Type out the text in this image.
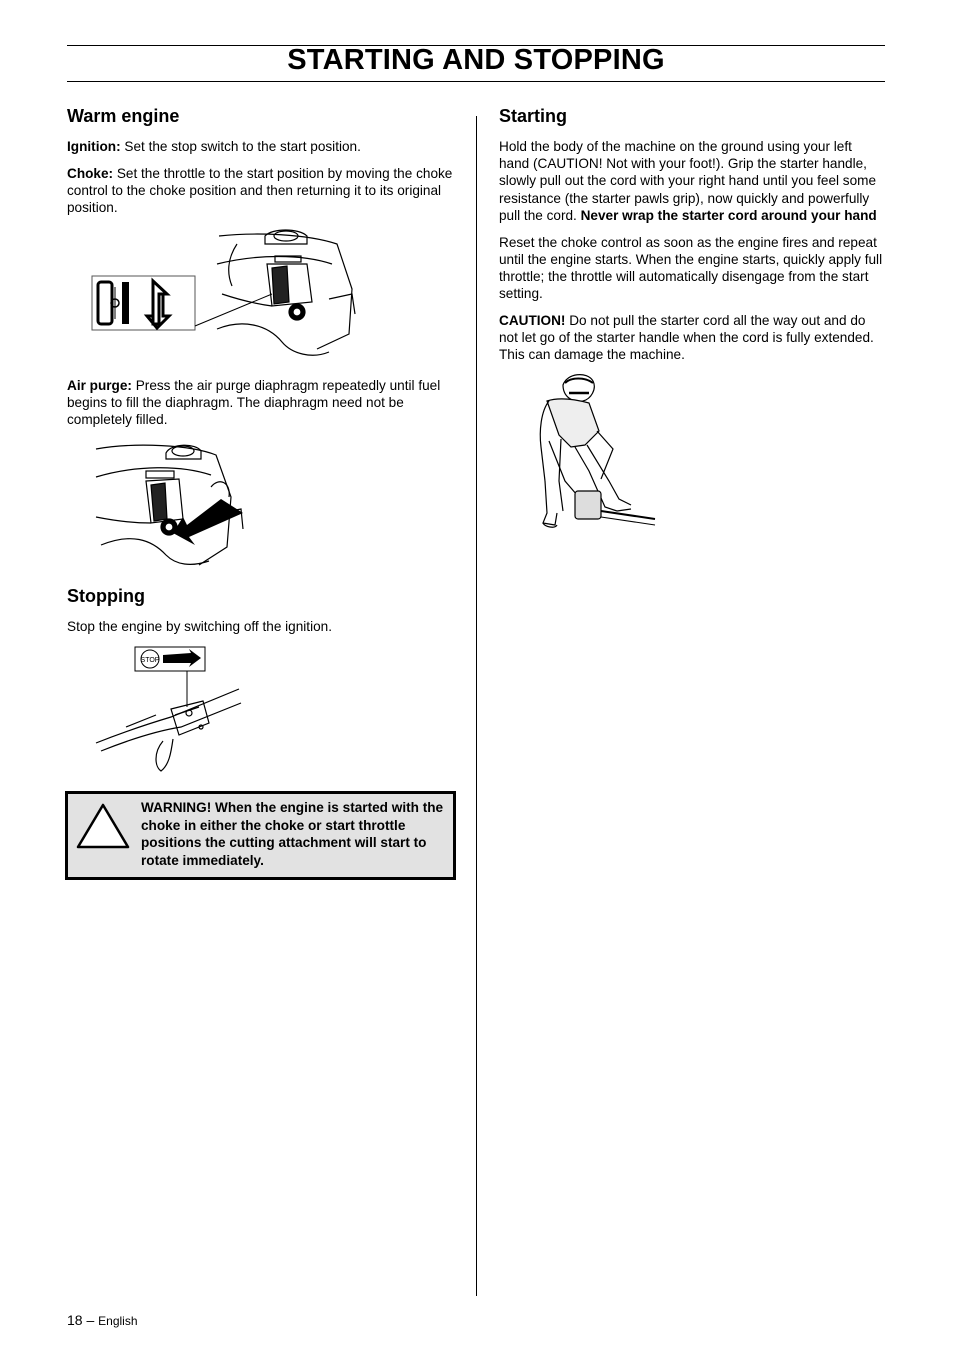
STARTING AND STOPPING
Warm engine

Ignition: Set the stop switch to the start position.

Choke: Set the throttle to the start position by moving the choke control to the choke position and then returning it to its original position.

Air purge: Press the air purge diaphragm repeatedly until fuel begins to fill the diaphragm. The diaphragm need not be completely filled.

Stopping

Stop the engine by switching off the ignition.

STOP

WARNING! When the engine is started with the choke in either the choke or start throttle positions the cutting attachment will start to rotate immediately.

Starting

Hold the body of the machine on the ground using your left hand (CAUTION! Not with your foot!). Grip the starter handle, slowly pull out the cord with your right hand until you feel some resistance (the starter pawls grip), now quickly and powerfully pull the cord. Never wrap the starter cord around your hand

Reset the choke control as soon as the engine fires and repeat until the engine starts. When the engine starts, quickly apply full throttle; the throttle will automatically disengage from the start setting.

CAUTION! Do not pull the starter cord all the way out and do not let go of the starter handle when the cord is fully extended. This can damage the machine.

18 – English
